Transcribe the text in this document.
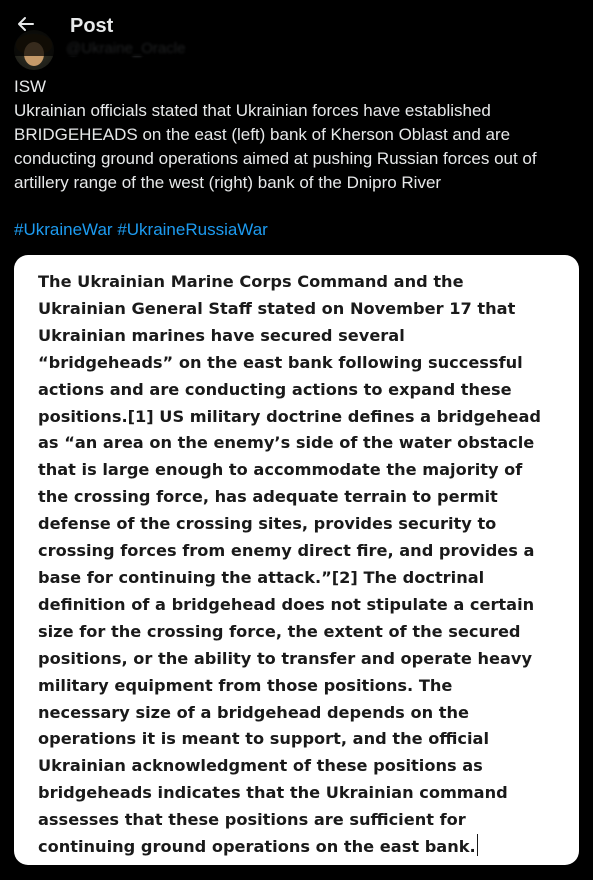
Post
ISW
Ukrainian officials stated that Ukrainian forces have established
BRIDGEHEADS on the east (left) bank of Kherson Oblast and are
conducting ground operations aimed at pushing Russian forces out of
artillery range of the west (right) bank of the Dnipro River
#UkraineWar #UkraineRussiaWar
The Ukrainian Marine Corps Command and the
Ukrainian General Staff stated on November 17 that
Ukrainian marines have secured several
“bridgeheads” on the east bank following successful
actions and are conducting actions to expand these
positions.[1] US military doctrine defines a bridgehead
as “an area on the enemy’s side of the water obstacle
that is large enough to accommodate the majority of
the crossing force, has adequate terrain to permit
defense of the crossing sites, provides security to
crossing forces from enemy direct fire, and provides a
base for continuing the attack.”[2] The doctrinal
definition of a bridgehead does not stipulate a certain
size for the crossing force, the extent of the secured
positions, or the ability to transfer and operate heavy
military equipment from those positions. The
necessary size of a bridgehead depends on the
operations it is meant to support, and the official
Ukrainian acknowledgment of these positions as
bridgeheads indicates that the Ukrainian command
assesses that these positions are sufficient for
continuing ground operations on the east bank.
